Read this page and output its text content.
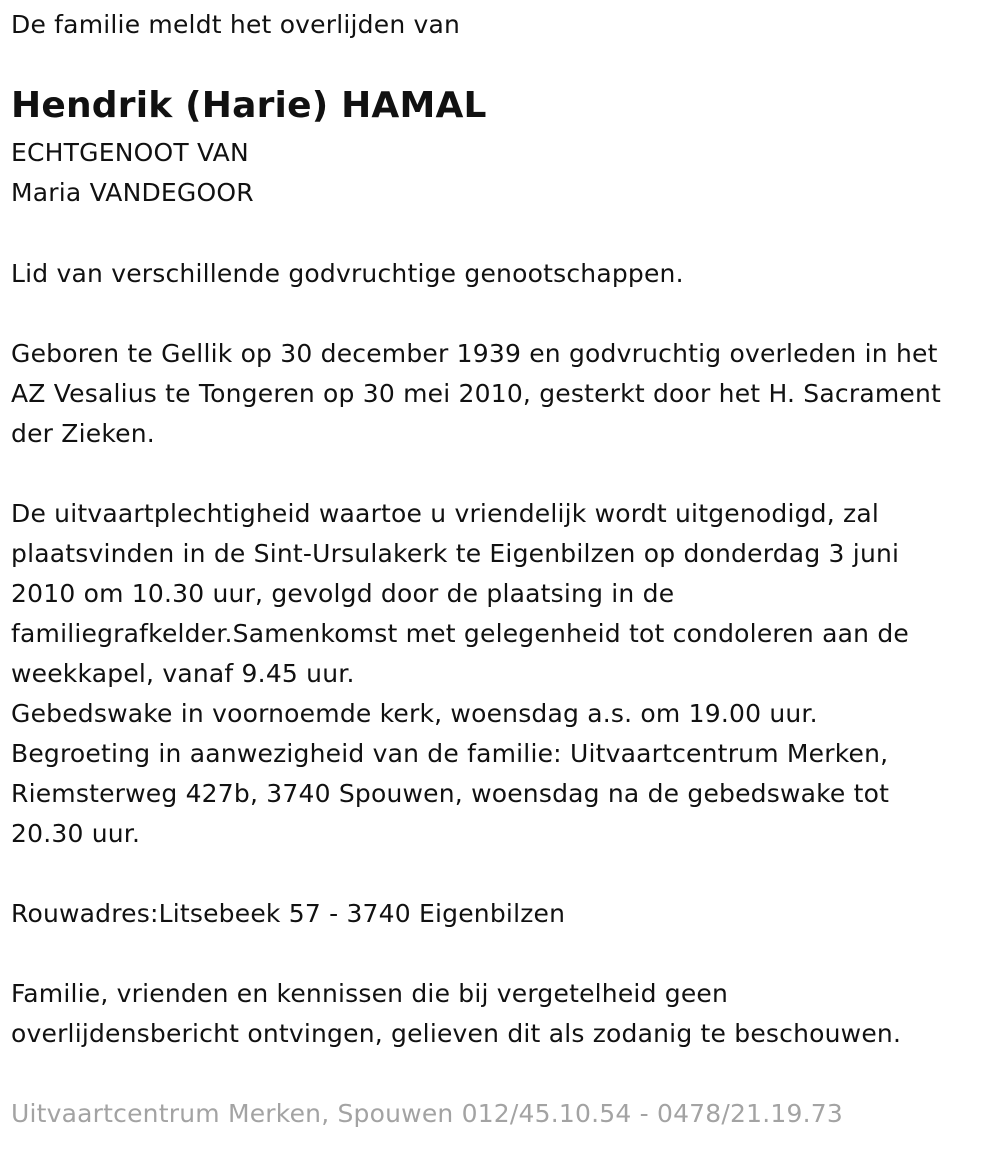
De familie meldt het overlijden van
Hendrik (Harie) HAMAL
ECHTGENOOT VAN
Maria VANDEGOOR
Lid van verschillende godvruchtige genootschappen.
Geboren te Gellik op 30 december 1939 en godvruchtig overleden in het
AZ Vesalius te Tongeren op 30 mei 2010, gesterkt door het H. Sacrament
der Zieken.
De uitvaartplechtigheid waartoe u vriendelijk wordt uitgenodigd, zal
plaatsvinden in de Sint-Ursulakerk te Eigenbilzen op donderdag 3 juni
2010 om 10.30 uur, gevolgd door de plaatsing in de
familiegrafkelder.Samenkomst met gelegenheid tot condoleren aan de
weekkapel, vanaf 9.45 uur.
Gebedswake in voornoemde kerk, woensdag a.s. om 19.00 uur.
Begroeting in aanwezigheid van de familie: Uitvaartcentrum Merken,
Riemsterweg 427b, 3740 Spouwen, woensdag na de gebedswake tot
20.30 uur.
Rouwadres:Litsebeek 57 - 3740 Eigenbilzen
Familie, vrienden en kennissen die bij vergetelheid geen
overlijdensbericht ontvingen, gelieven dit als zodanig te beschouwen.
Uitvaartcentrum Merken, Spouwen 012/45.10.54 - 0478/21.19.73
